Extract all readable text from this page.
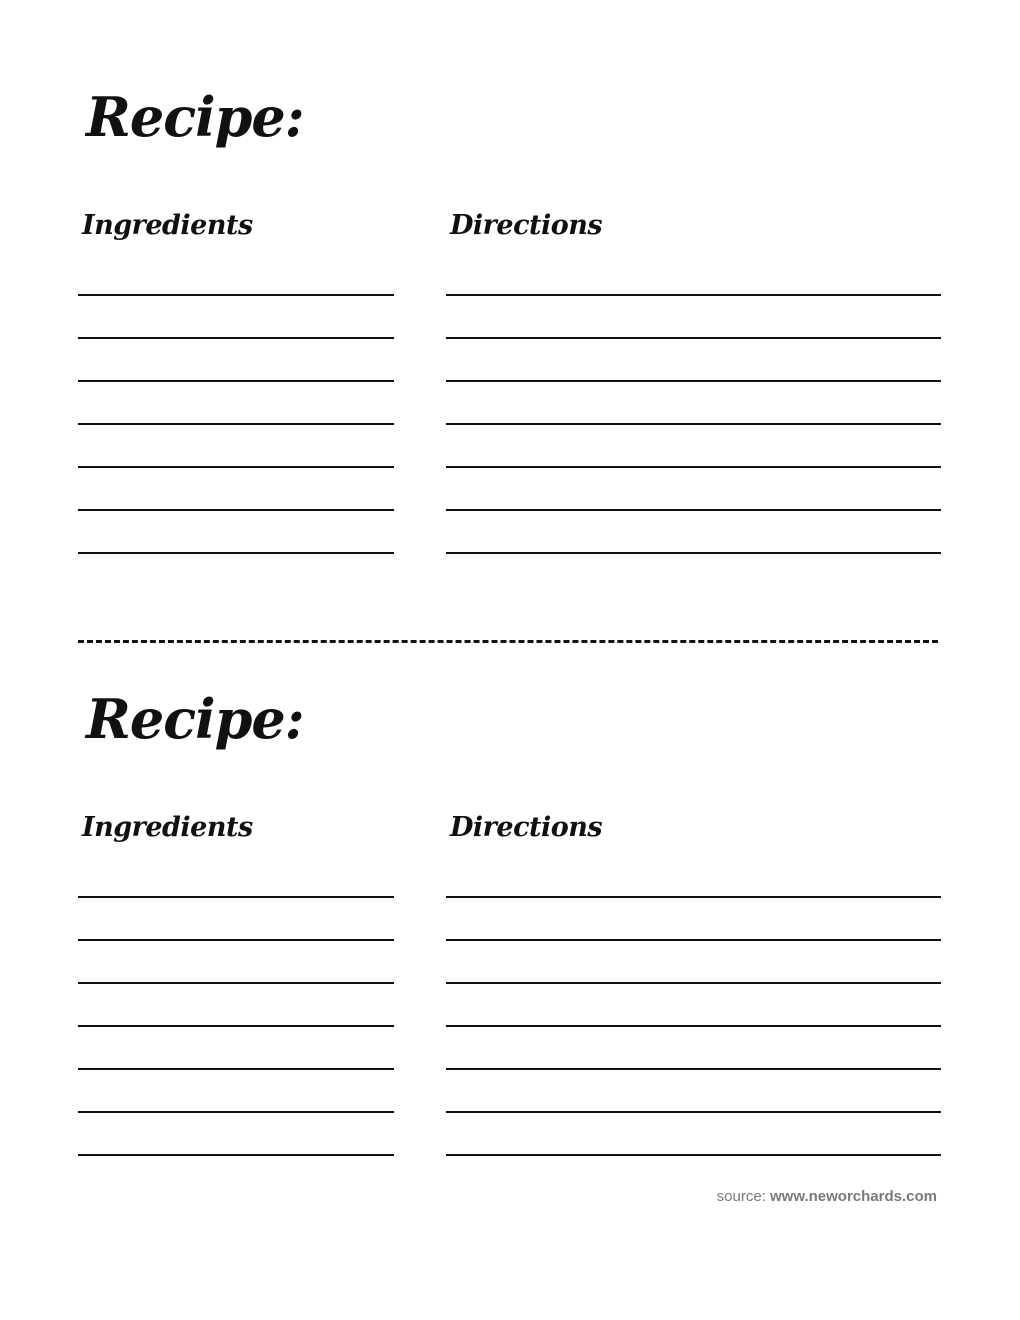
Recipe:
Ingredients	Directions
Recipe:
Ingredients	Directions
source: www.neworchards.com
